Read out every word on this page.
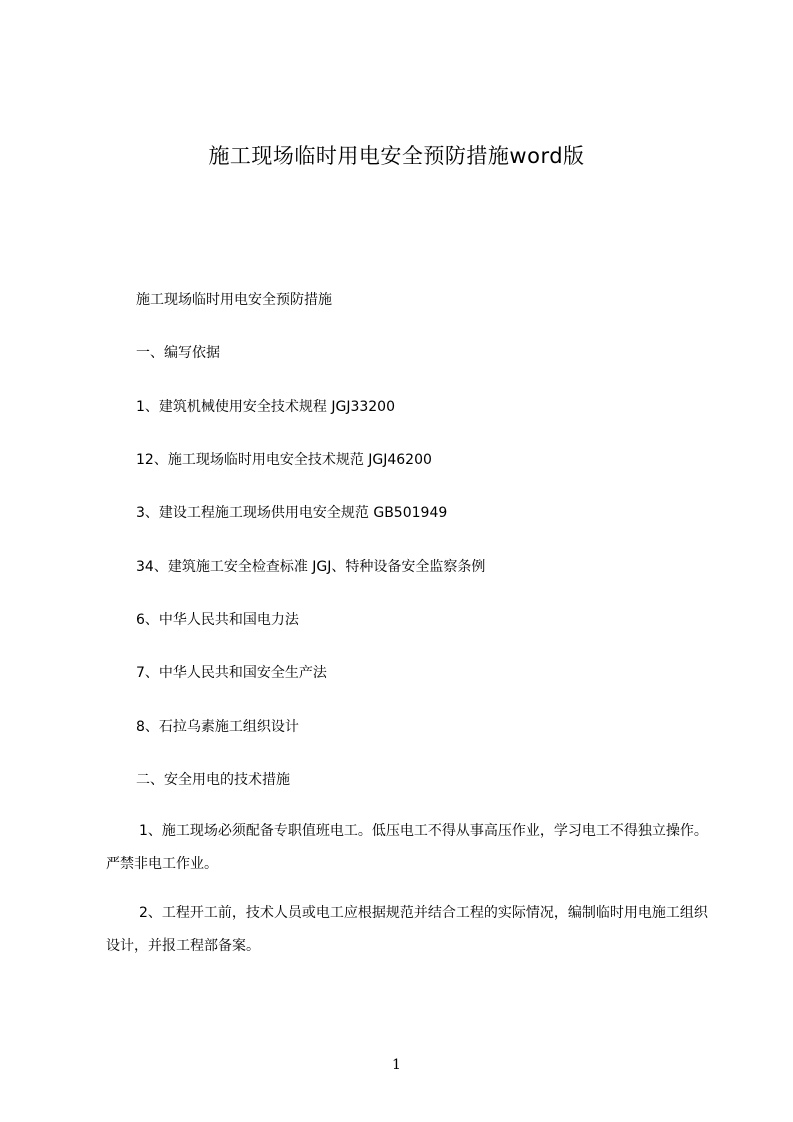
施工现场临时用电安全预防措施word版
施工现场临时用电安全预防措施
一、编写依据
1、建筑机械使用安全技术规程 JGJ33200
12、施工现场临时用电安全技术规范 JGJ46200
3、建设工程施工现场供用电安全规范 GB501949
34、建筑施工安全检查标准 JGJ、特种设备安全监察条例
6、中华人民共和国电力法
7、中华人民共和国安全生产法
8、石拉乌素施工组织设计
二、安全用电的技术措施
1、施工现场必须配备专职值班电工。低压电工不得从事高压作业，学习电工不得独立操作。严禁非电工作业。
2、工程开工前，技术人员或电工应根据规范并结合工程的实际情况，编制临时用电施工组织设计，并报工程部备案。
1
